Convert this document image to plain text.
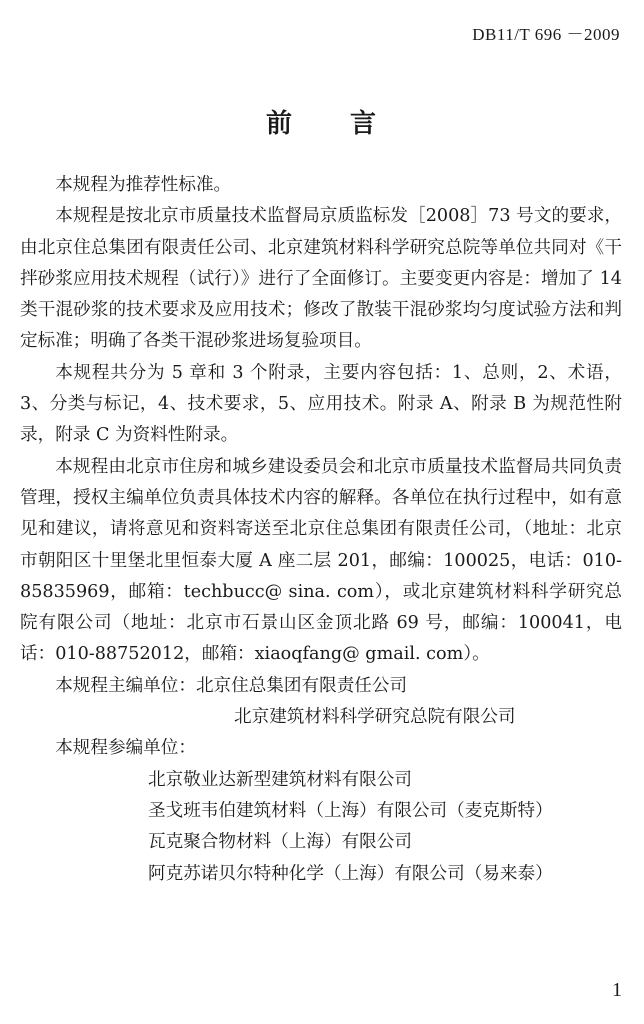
DB11/T 696 －2009
前　　言

本规程为推荐性标准。

本规程是按北京市质量技术监督局京质监标发［2008］73 号文的要求，由北京住总集团有限责任公司、北京建筑材料科学研究总院等单位共同对《干拌砂浆应用技术规程（试行）》进行了全面修订。主要变更内容是：增加了 14 类干混砂浆的技术要求及应用技术；修改了散装干混砂浆均匀度试验方法和判定标准；明确了各类干混砂浆进场复验项目。

本规程共分为 5 章和 3 个附录，主要内容包括：1、总则，2、术语，3、分类与标记，4、技术要求，5、应用技术。附录 A、附录 B 为规范性附录，附录 C 为资料性附录。

本规程由北京市住房和城乡建设委员会和北京市质量技术监督局共同负责管理，授权主编单位负责具体技术内容的解释。各单位在执行过程中，如有意见和建议，请将意见和资料寄送至北京住总集团有限责任公司，（地址：北京市朝阳区十里堡北里恒泰大厦 A 座二层 201，邮编：100025，电话：010-85835969，邮箱：techbucc@ sina. com），或北京建筑材料科学研究总院有限公司（地址：北京市石景山区金顶北路 69 号，邮编：100041，电话：010-88752012，邮箱：xiaoqfang@ gmail. com）。

本规程主编单位：北京住总集团有限责任公司

北京建筑材料科学研究总院有限公司

本规程参编单位：

北京敬业达新型建筑材料有限公司

圣戈班韦伯建筑材料（上海）有限公司（麦克斯特）

瓦克聚合物材料（上海）有限公司

阿克苏诺贝尔特种化学（上海）有限公司（易来泰）

1
